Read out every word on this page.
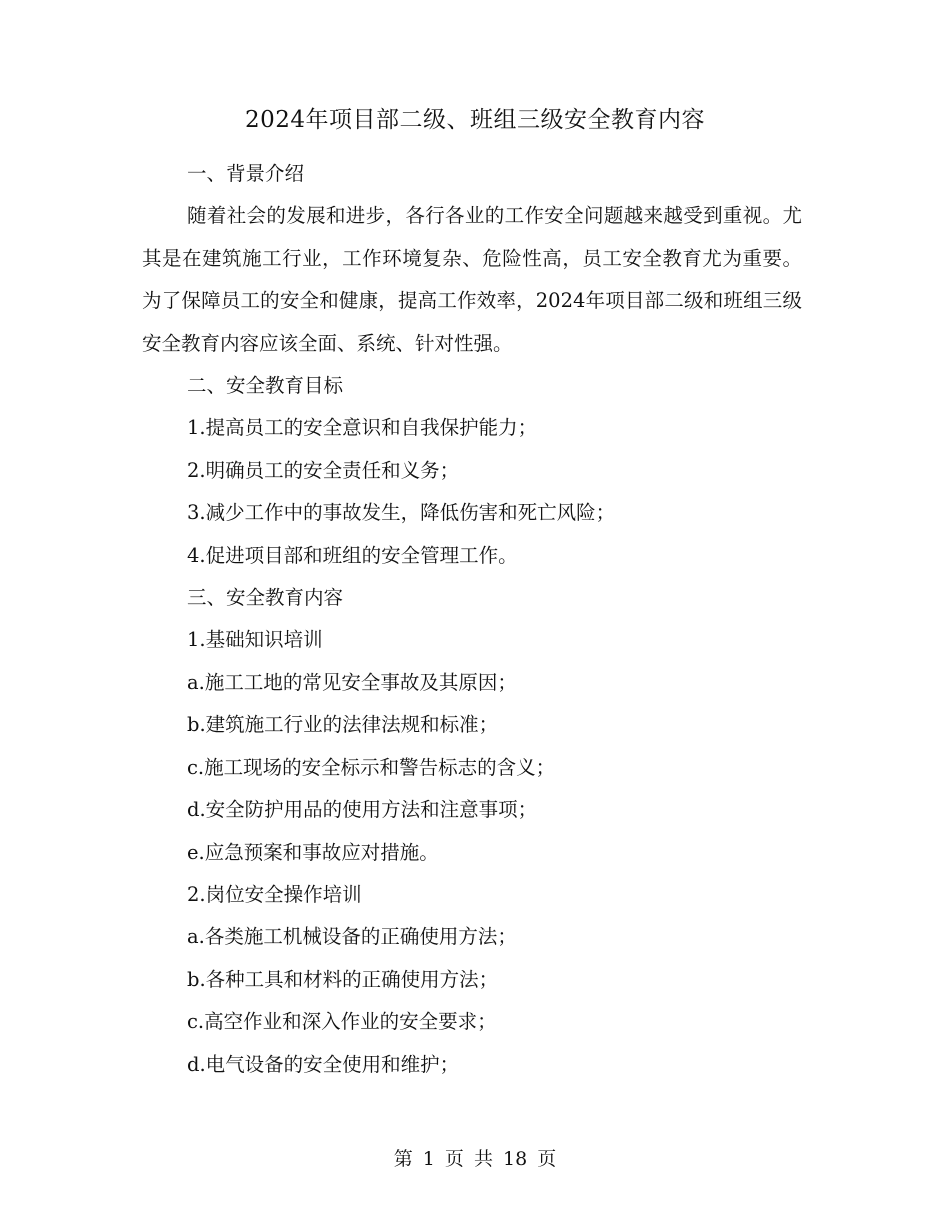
2024年项目部二级、班组三级安全教育内容
一、背景介绍
随着社会的发展和进步，各行各业的工作安全问题越来越受到重视。尤其是在建筑施工行业，工作环境复杂、危险性高，员工安全教育尤为重要。为了保障员工的安全和健康，提高工作效率，2024年项目部二级和班组三级安全教育内容应该全面、系统、针对性强。
二、安全教育目标
1.提高员工的安全意识和自我保护能力；
2.明确员工的安全责任和义务；
3.减少工作中的事故发生，降低伤害和死亡风险；
4.促进项目部和班组的安全管理工作。
三、安全教育内容
1.基础知识培训
a.施工工地的常见安全事故及其原因；
b.建筑施工行业的法律法规和标准；
c.施工现场的安全标示和警告标志的含义；
d.安全防护用品的使用方法和注意事项；
e.应急预案和事故应对措施。
2.岗位安全操作培训
a.各类施工机械设备的正确使用方法；
b.各种工具和材料的正确使用方法；
c.高空作业和深入作业的安全要求；
d.电气设备的安全使用和维护；
第 1 页 共 18 页
